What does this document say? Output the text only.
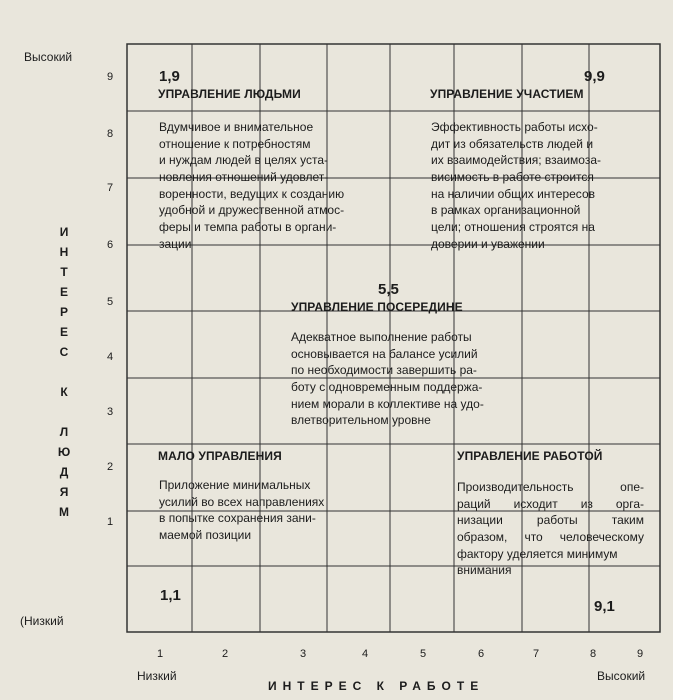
Высокий
(Низкий
9
8
7
6
5
4
3
2
1
И
Н
Т
Е
Р
Е
С
К
Л
Ю
Д
Я
М
1	2	3	4	5	6	7	8	9
Низкий	Высокий
ИНТЕРЕС К РАБОТЕ
1,9
УПРАВЛЕНИЕ ЛЮДЬМИ
Вдумчивое и внимательное
отношение к потребностям
и нуждам людей в целях уста-
новления отношений удовлет-
воренности, ведущих к созданию
удобной и дружественной атмос-
феры и темпа работы в органи-
зации
9,9
УПРАВЛЕНИЕ УЧАСТИЕМ
Эффективность работы исхо-
дит из обязательств людей и
их взаимодействия; взаимоза-
висимость в работе строится
на наличии общих интересов
в рамках организационной
цели; отношения строятся на
доверии и уважении
5,5
УПРАВЛЕНИЕ ПОСЕРЕДИНЕ
Адекватное выполнение работы
основывается на балансе усилий
по необходимости завершить ра-
боту с одновременным поддержа-
нием морали в коллективе на удо-
влетворительном уровне
МАЛО УПРАВЛЕНИЯ
Приложение минимальных
усилий во всех направлениях
в попытке сохранения зани-
маемой позиции
1,1
УПРАВЛЕНИЕ РАБОТОЙ
Производительность опе-
раций исходит из орга-
низации работы таким
образом, что человеческому
фактору уделяется минимум
внимания
9,1
